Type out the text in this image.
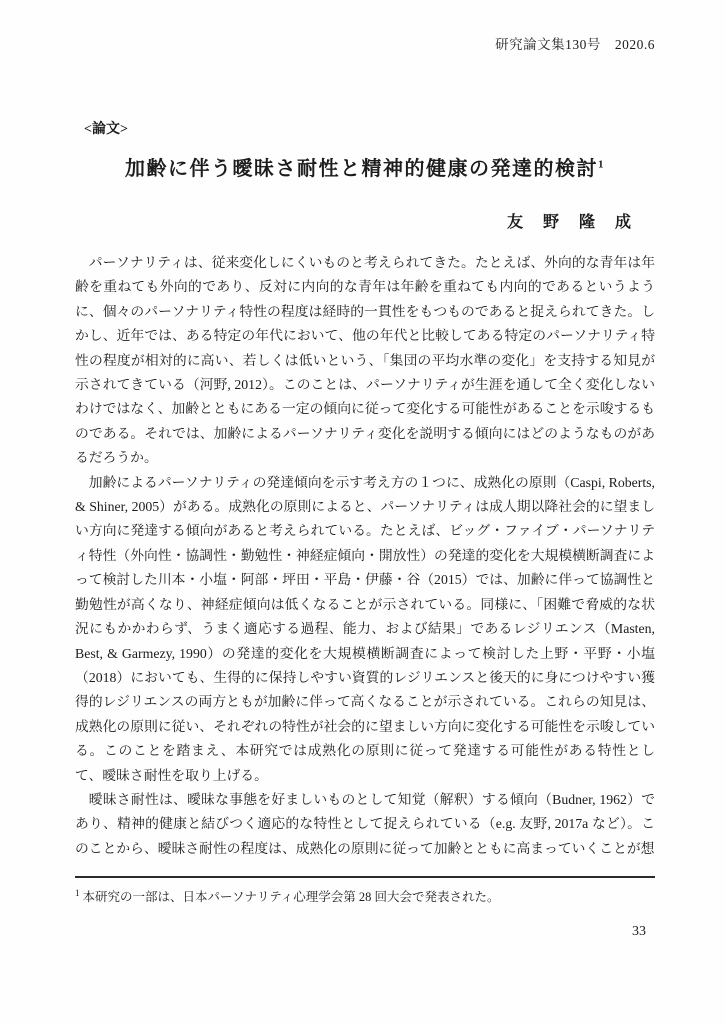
研究論文集130号　2020.6
<論文>
加齢に伴う曖昧さ耐性と精神的健康の発達的検討$^1$
友　野　隆　成

パーソナリティは、従来変化しにくいものと考えられてきた。たとえば、外向的な青年は年齢を重ねても外向的であり、反対に内向的な青年は年齢を重ねても内向的であるというように、個々のパーソナリティ特性の程度は経時的一貫性をもつものであると捉えられてきた。しかし、近年では、ある特定の年代において、他の年代と比較してある特定のパーソナリティ特性の程度が相対的に高い、若しくは低いという、「集団の平均水準の変化」を支持する知見が示されてきている（河野, 2012）。このことは、パーソナリティが生涯を通して全く変化しないわけではなく、加齢とともにある一定の傾向に従って変化する可能性があることを示唆するものである。それでは、加齢によるパーソナリティ変化を説明する傾向にはどのようなものがあるだろうか。

加齢によるパーソナリティの発達傾向を示す考え方の１つに、成熟化の原則（Caspi, Roberts, & Shiner, 2005）がある。成熟化の原則によると、パーソナリティは成人期以降社会的に望ましい方向に発達する傾向があると考えられている。たとえば、ビッグ・ファイブ・パーソナリティ特性（外向性・協調性・勤勉性・神経症傾向・開放性）の発達的変化を大規模横断調査によって検討した川本・小塩・阿部・坪田・平島・伊藤・谷（2015）では、加齢に伴って協調性と勤勉性が高くなり、神経症傾向は低くなることが示されている。同様に、「困難で脅威的な状況にもかかわらず、うまく適応する過程、能力、および結果」であるレジリエンス（Masten, Best, & Garmezy, 1990）の発達的変化を大規模横断調査によって検討した上野・平野・小塩（2018）においても、生得的に保持しやすい資質的レジリエンスと後天的に身につけやすい獲得的レジリエンスの両方ともが加齢に伴って高くなることが示されている。これらの知見は、成熟化の原則に従い、それぞれの特性が社会的に望ましい方向に変化する可能性を示唆している。このことを踏まえ、本研究では成熟化の原則に従って発達する可能性がある特性として、曖昧さ耐性を取り上げる。

曖昧さ耐性は、曖昧な事態を好ましいものとして知覚（解釈）する傾向（Budner, 1962）であり、精神的健康と結びつく適応的な特性として捉えられている（e.g. 友野, 2017a など）。このことから、曖昧さ耐性の程度は、成熟化の原則に従って加齢とともに高まっていくことが想

$^1$ 本研究の一部は、日本パーソナリティ心理学会第 28 回大会で発表された。
33
